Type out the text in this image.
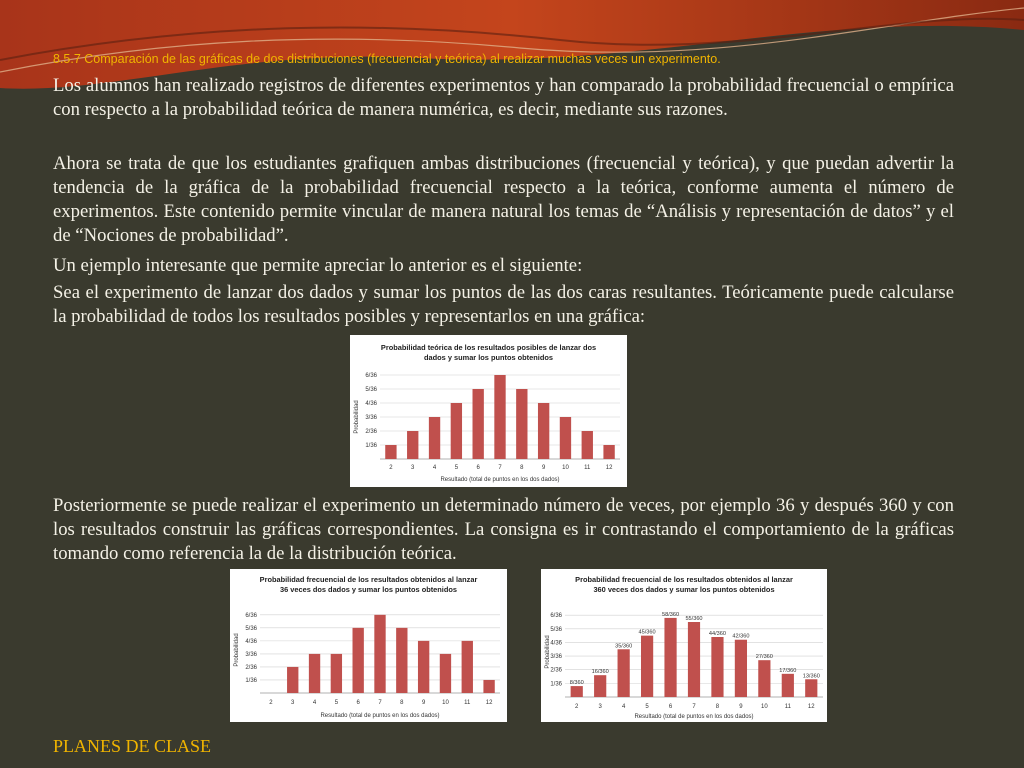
8.5.7 Comparación de las gráficas de dos distribuciones (frecuencial y teórica) al realizar muchas veces un experimento.

Los alumnos han realizado registros de diferentes experimentos y han comparado la probabilidad frecuencial o empírica con respecto a la probabilidad teórica de manera numérica, es decir, mediante sus razones.

Ahora se trata de que los estudiantes grafiquen ambas distribuciones (frecuencial y teórica), y que puedan advertir la tendencia de la gráfica de la probabilidad frecuencial respecto a la teórica, conforme aumenta el número de experimentos. Este contenido permite vincular de manera natural los temas de “Análisis y representación de datos” y el de “Nociones de probabilidad”.

Un ejemplo interesante que permite apreciar lo anterior es el siguiente:

Sea el experimento de lanzar dos dados y sumar los puntos de las dos caras resultantes. Teóricamente puede calcularse la probabilidad de todos los resultados posibles y representarlos en una gráfica:

Probabilidad teórica de los resultados posibles de lanzar dos
dados y sumar los puntos obtenidos
1/36
2/36
3/36
4/36
5/36
6/36
2	3	4	5	6	7	8	9	10	11	12
Resultado (total de puntos en los dos dados)
Probabilidad

Posteriormente se puede realizar el experimento un determinado número de veces, por ejemplo 36 y después 360 y con los resultados construir las gráficas correspondientes. La consigna es ir contrastando el comportamiento de la gráficas tomando como referencia la de la distribución teórica.

Probabilidad frecuencial de los resultados obtenidos al lanzar
36 veces dos dados y sumar los puntos obtenidos
1/36
2/36
3/36
4/36
5/36
6/36
2	3	4	5	6	7	8	9	10	11	12
Resultado (total de puntos en los dos dados)
Probabilidad
Probabilidad frecuencial de los resultados obtenidos al lanzar
360 veces dos dados y sumar los puntos obtenidos
1/36
2/36
3/36
4/36
5/36
6/36
2
8/360
3
16/360
4
35/360
5
45/360
6
58/360
7
55/360
8
44/360
9
42/360
10
27/360
11
17/360
12
13/360
Resultado (total de puntos en los dos dados)
Probabilidad
PLANES DE CLASE
